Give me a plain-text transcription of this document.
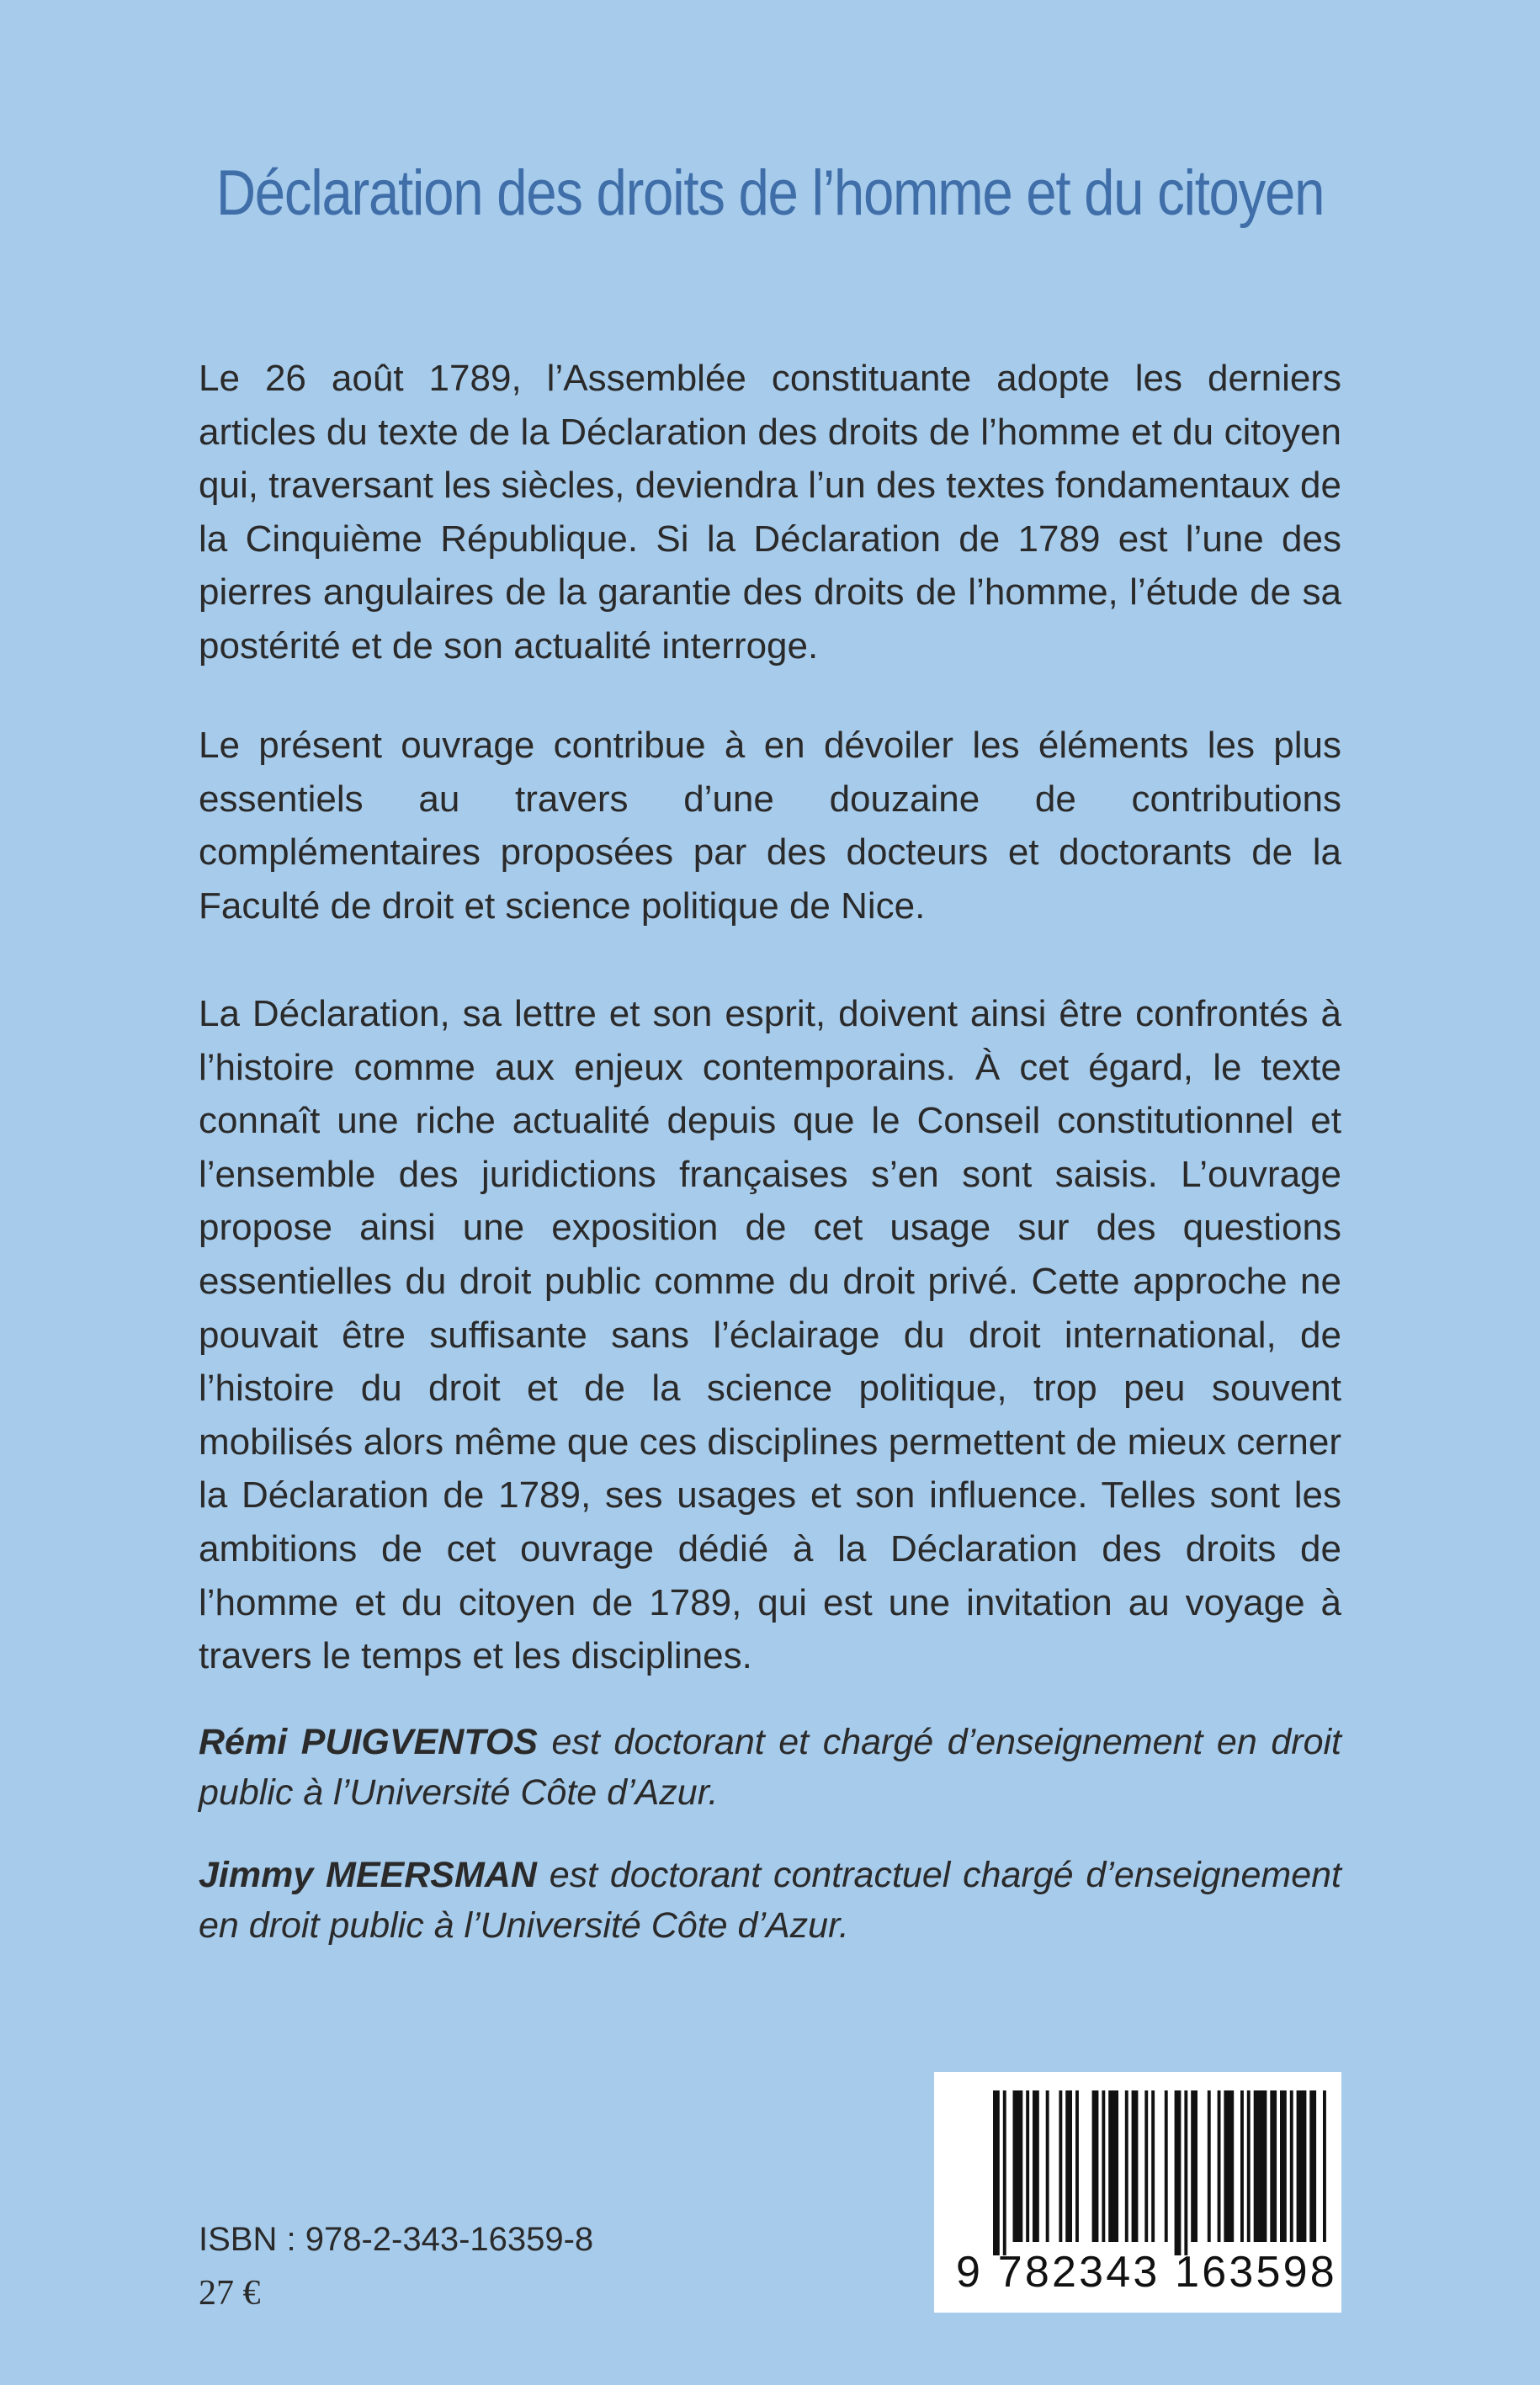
Déclaration des droits de l’homme et du citoyen

Le 26 août 1789, l’Assemblée constituante adopte les derniers articles du texte de la Déclaration des droits de l’homme et du citoyen qui, traversant les siècles, deviendra l’un des textes fondamentaux de la Cinquième République. Si la Déclaration de 1789 est l’une des pierres angulaires de la garantie des droits de l’homme, l’étude de sa postérité et de son actualité interroge.

Le présent ouvrage contribue à en dévoiler les éléments les plus essentiels au travers d’une douzaine de contributions complémentaires proposées par des docteurs et doctorants de la Faculté de droit et science politique de Nice.

La Déclaration, sa lettre et son esprit, doivent ainsi être confrontés à l’histoire comme aux enjeux contemporains. À cet égard, le texte connaît une riche actualité depuis que le Conseil constitutionnel et l’ensemble des juridictions françaises s’en sont saisis. L’ouvrage propose ainsi une exposition de cet usage sur des questions essentielles du droit public comme du droit privé. Cette approche ne pouvait être suffisante sans l’éclairage du droit international, de l’histoire du droit et de la science politique, trop peu souvent mobilisés alors même que ces disciplines permettent de mieux cerner la Déclaration de 1789, ses usages et son influence. Telles sont les ambitions de cet ouvrage dédié à la Déclaration des droits de l’homme et du citoyen de 1789, qui est une invitation au voyage à travers le temps et les disciplines.

Rémi PUIGVENTOS est doctorant et chargé d’enseignement en droit public à l’Université Côte d’Azur.

Jimmy MEERSMAN est doctorant contractuel chargé d’enseignement en droit public à l’Université Côte d’Azur.

ISBN : 978-2-343-16359-8
27 €	9 782343 163598
